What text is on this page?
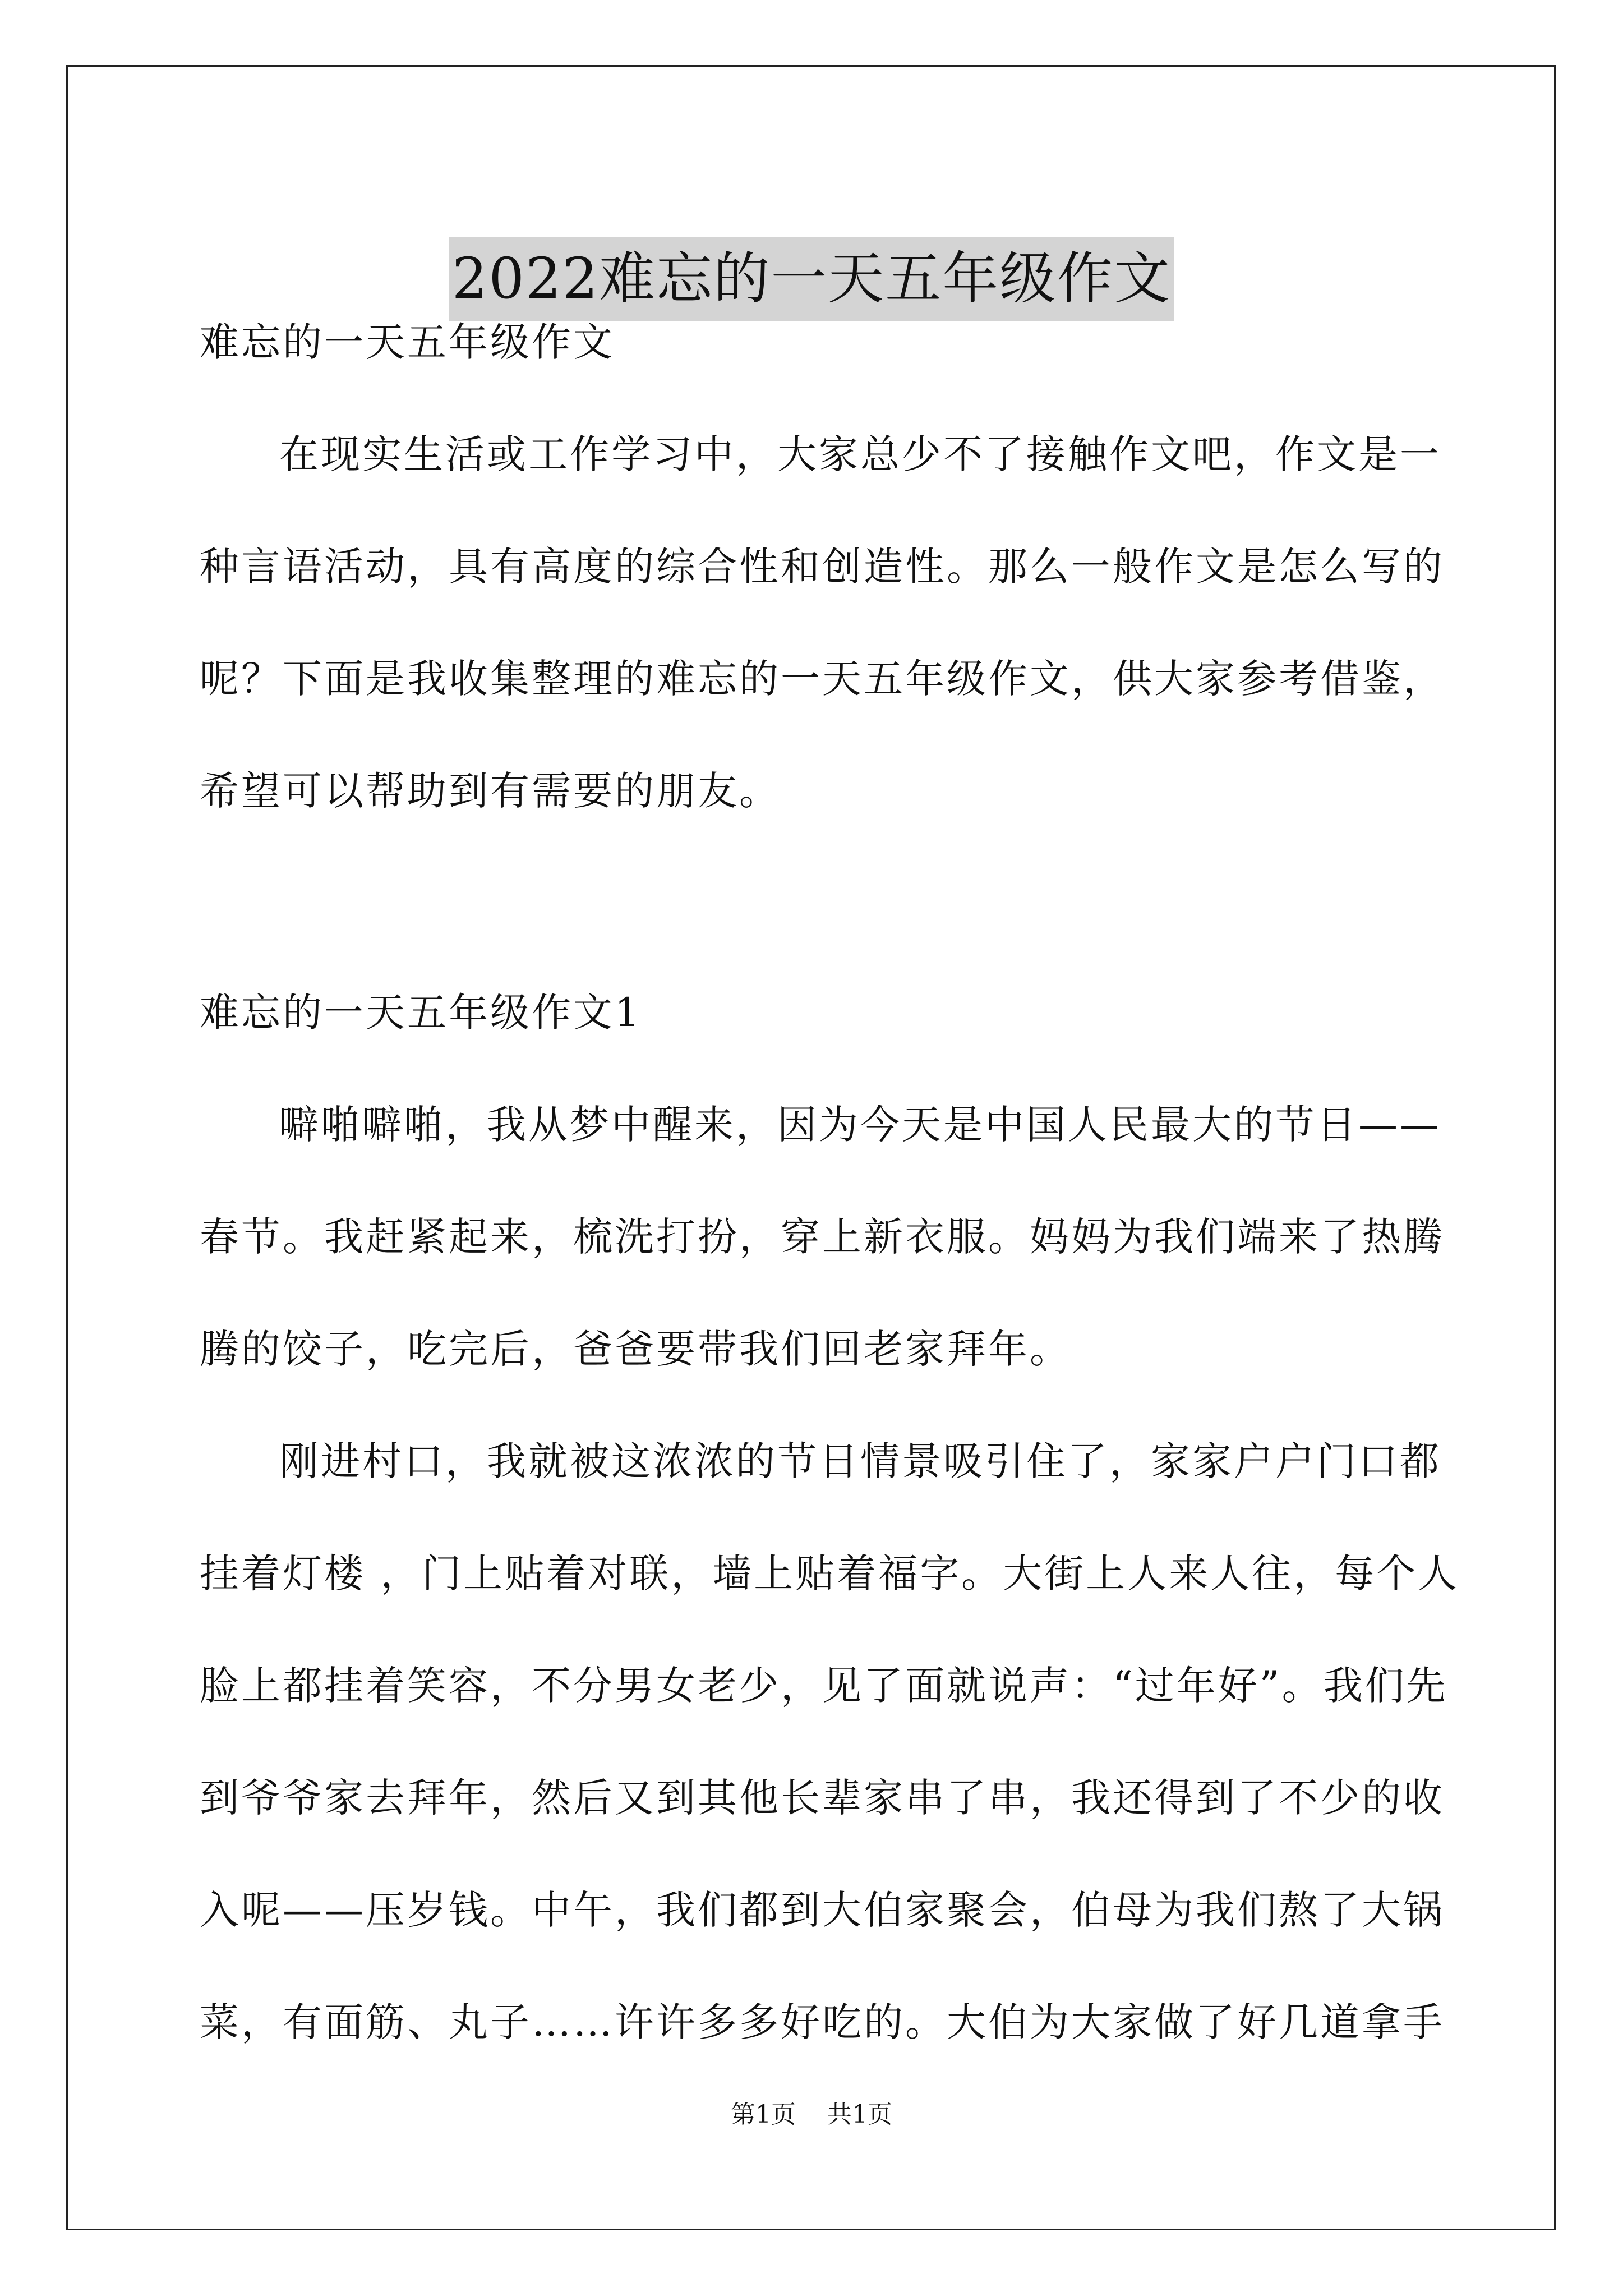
2022难忘的一天五年级作文
难忘的一天五年级作文
在现实生活或工作学习中，大家总少不了接触作文吧，作文是一
种言语活动，具有高度的综合性和创造性。那么一般作文是怎么写的
呢？下面是我收集整理的难忘的一天五年级作文，供大家参考借鉴，
希望可以帮助到有需要的朋友。
难忘的一天五年级作文1
噼啪噼啪，我从梦中醒来，因为今天是中国人民最大的节日——
春节。我赶紧起来，梳洗打扮，穿上新衣服。妈妈为我们端来了热腾
腾的饺子，吃完后，爸爸要带我们回老家拜年。
刚进村口，我就被这浓浓的节日情景吸引住了，家家户户门口都
挂着灯楼 ，门上贴着对联，墙上贴着福字。大街上人来人往，每个人
脸上都挂着笑容，不分男女老少，见了面就说声：“过年好”。我们先
到爷爷家去拜年，然后又到其他长辈家串了串，我还得到了不少的收
入呢——压岁钱。中午，我们都到大伯家聚会，伯母为我们熬了大锅
菜，有面筋、丸子……许许多多好吃的。大伯为大家做了好几道拿手
第1页 共1页
